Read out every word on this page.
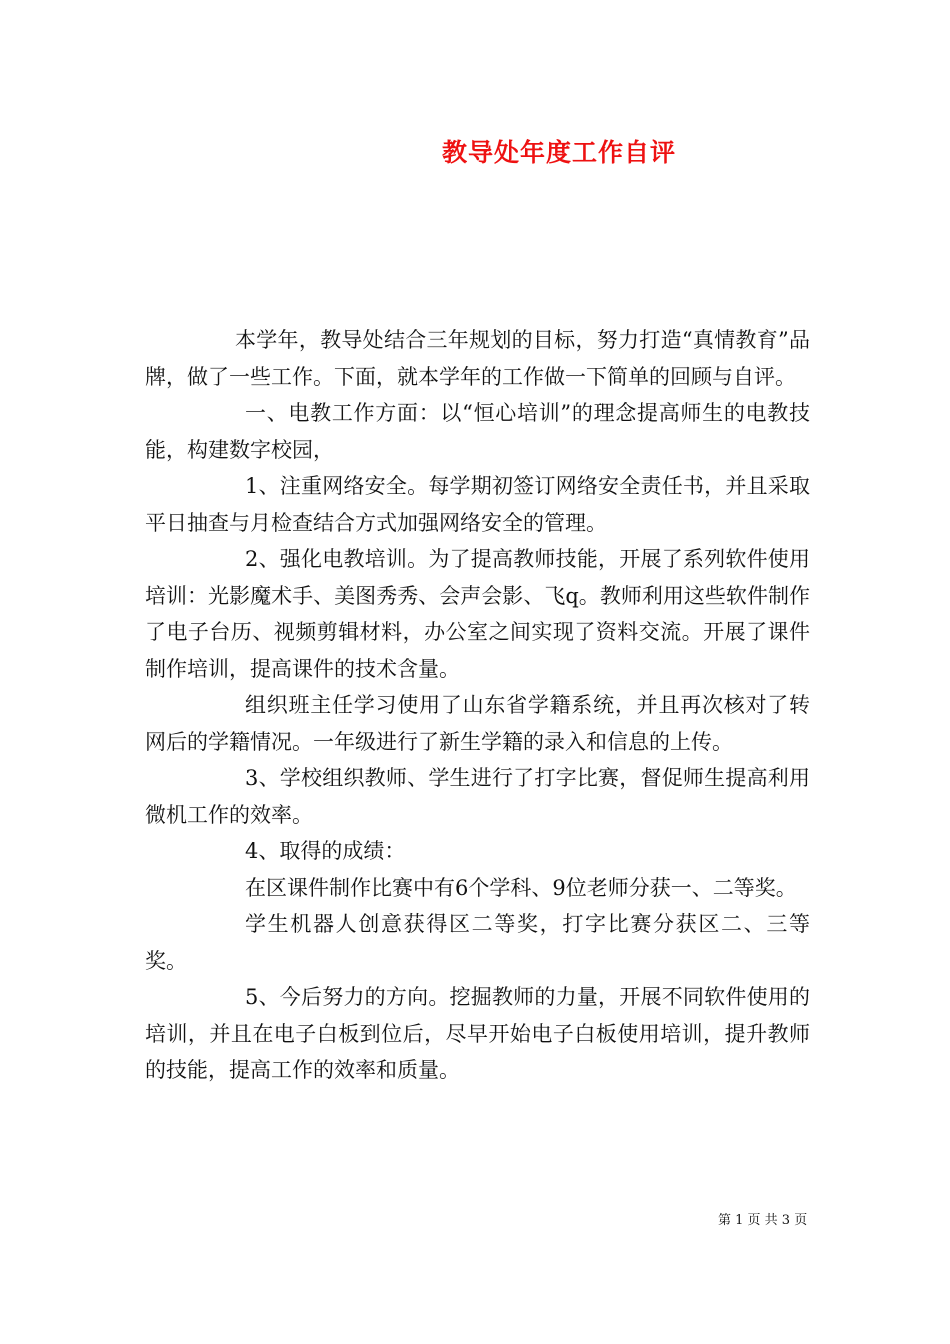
教导处年度工作自评

本学年，教导处结合三年规划的目标，努力打造“真情教育”品牌，做了一些工作。下面，就本学年的工作做一下简单的回顾与自评。

一、电教工作方面：以“恒心培训”的理念提高师生的电教技能，构建数字校园，

1、注重网络安全。每学期初签订网络安全责任书，并且采取平日抽查与月检查结合方式加强网络安全的管理。

2、强化电教培训。为了提高教师技能，开展了系列软件使用培训：光影魔术手、美图秀秀、会声会影、飞q。教师利用这些软件制作了电子台历、视频剪辑材料，办公室之间实现了资料交流。开展了课件制作培训，提高课件的技术含量。

组织班主任学习使用了山东省学籍系统，并且再次核对了转网后的学籍情况。一年级进行了新生学籍的录入和信息的上传。

3、学校组织教师、学生进行了打字比赛，督促师生提高利用微机工作的效率。

4、取得的成绩：

在区课件制作比赛中有6个学科、9位老师分获一、二等奖。

学生机器人创意获得区二等奖，打字比赛分获区二、三等奖。

5、今后努力的方向。挖掘教师的力量，开展不同软件使用的培训，并且在电子白板到位后，尽早开始电子白板使用培训，提升教师的技能，提高工作的效率和质量。

第 1 页 共 3 页
